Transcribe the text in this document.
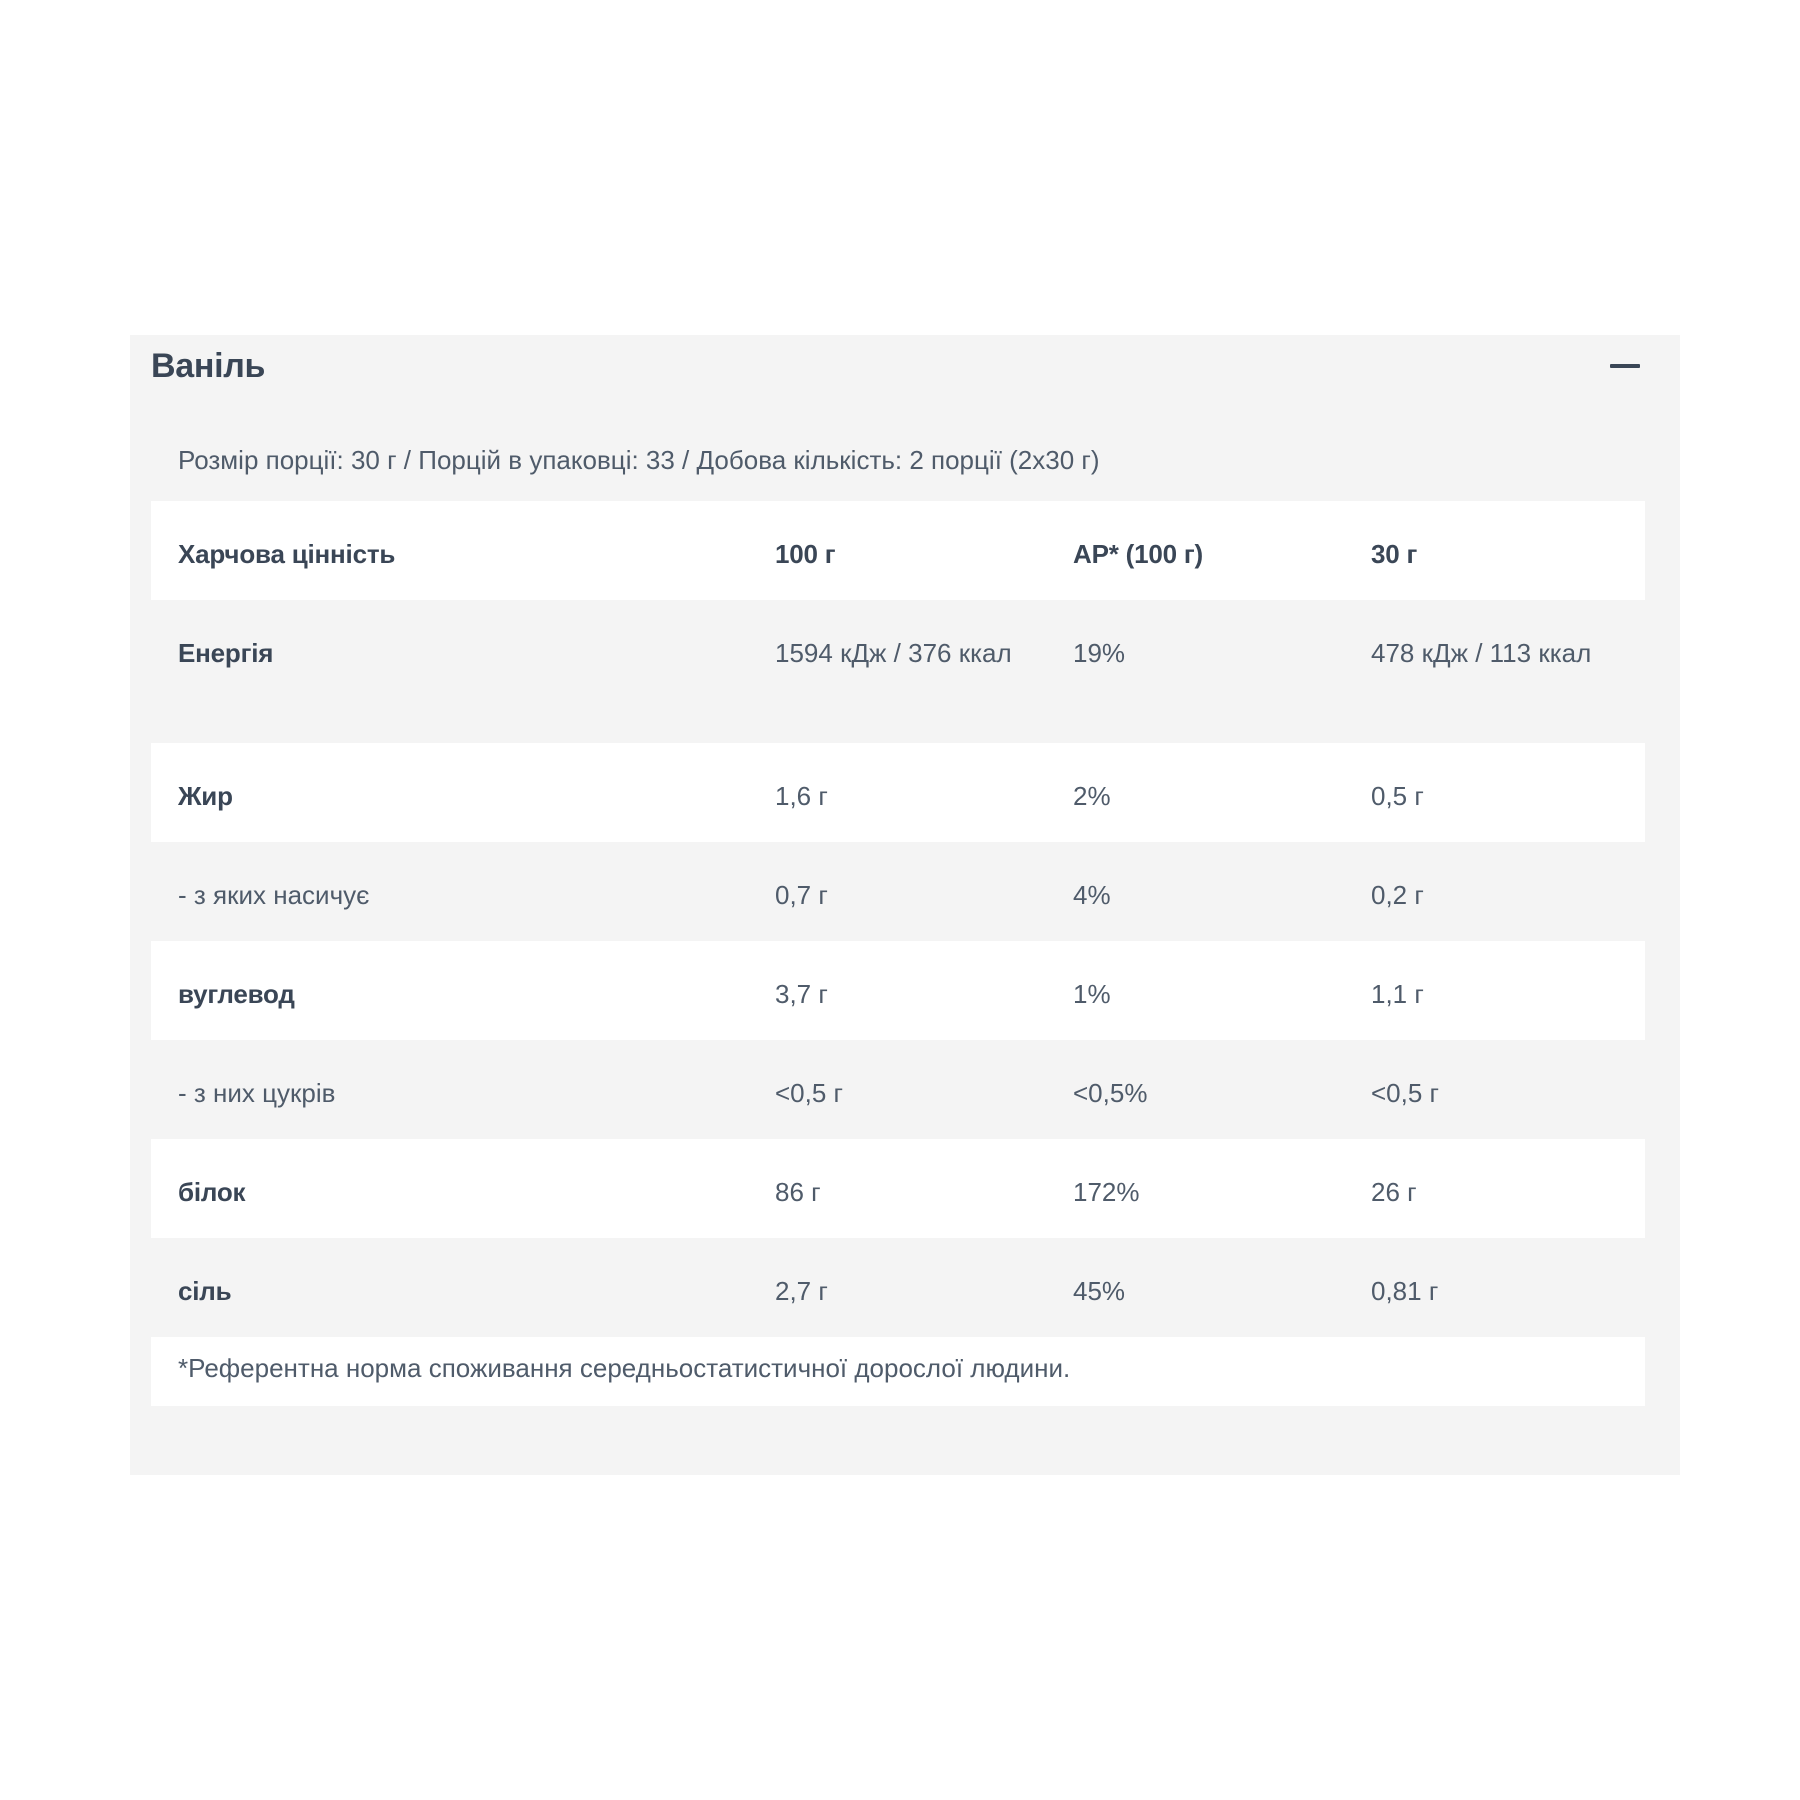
Ваніль
Розмір порції: 30 г / Порцій в упаковці: 33 / Добова кількість: 2 порції (2x30 г)
Харчова цінність	100 г	АР* (100 г)	30 г
Енергія	1594 кДж / 376 ккал	19%	478 кДж / 113 ккал
Жир	1,6 г	2%	0,5 г
- з яких насичує	0,7 г	4%	0,2 г
вуглевод	3,7 г	1%	1,1 г
- з них цукрів	<0,5 г	<0,5%	<0,5 г
білок	86 г	172%	26 г
сіль	2,7 г	45%	0,81 г
*Референтна норма споживання середньостатистичної дорослої людини.
